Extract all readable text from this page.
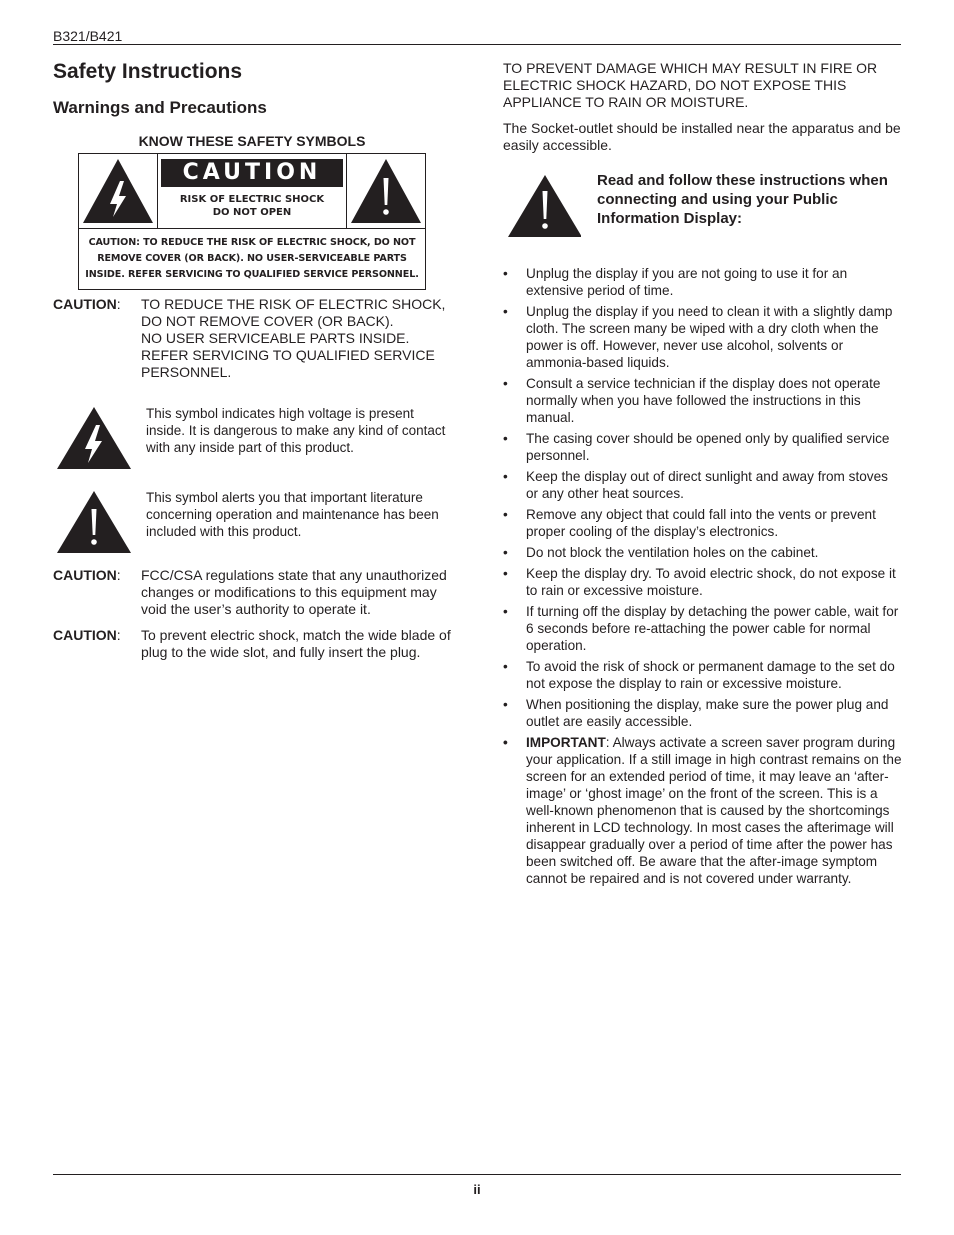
B321/B421
Safety Instructions
Warnings and Precautions
KNOW THESE SAFETY SYMBOLS
CAUTION
RISK OF ELECTRIC SHOCK
DO NOT OPEN
CAUTION: TO REDUCE THE RISK OF ELECTRIC SHOCK, DO NOT
REMOVE COVER (OR BACK). NO USER-SERVICEABLE PARTS
INSIDE. REFER SERVICING TO QUALIFIED SERVICE PERSONNEL.
CAUTION:	TO REDUCE THE RISK OF ELECTRIC SHOCK,
DO NOT REMOVE COVER (OR BACK).
NO USER SERVICEABLE PARTS INSIDE.
REFER SERVICING TO QUALIFIED SERVICE
PERSONNEL.
This symbol indicates high voltage is present inside. It is dangerous to make any kind of contact with any inside part of this product.
This symbol alerts you that important literature concerning operation and maintenance has been included with this product.
CAUTION:	FCC/CSA regulations state that any unauthorized changes or modifications to this equipment may void the user’s authority to operate it.
CAUTION:	To prevent electric shock, match the wide blade of plug to the wide slot, and fully insert the plug.

TO PREVENT DAMAGE WHICH MAY RESULT IN FIRE OR ELECTRIC SHOCK HAZARD, DO NOT EXPOSE THIS APPLIANCE TO RAIN OR MOISTURE.

The Socket-outlet should be installed near the apparatus and be easily accessible.

Read and follow these instructions when connecting and using your Public Information Display:
• Unplug the display if you are not going to use it for an extensive period of time.
• Unplug the display if you need to clean it with a slightly damp cloth. The screen many be wiped with a dry cloth when the power is off. However, never use alcohol, solvents or ammonia-based liquids.
• Consult a service technician if the display does not operate normally when you have followed the instructions in this manual.
• The casing cover should be opened only by qualified service personnel.
• Keep the display out of direct sunlight and away from stoves or any other heat sources.
• Remove any object that could fall into the vents or prevent proper cooling of the display’s electronics.
• Do not block the ventilation holes on the cabinet.
• Keep the display dry. To avoid electric shock, do not expose it to rain or excessive moisture.
• If turning off the display by detaching the power cable, wait for 6 seconds before re-attaching the power cable for normal operation.
• To avoid the risk of shock or permanent damage to the set do not expose the display to rain or excessive moisture.
• When positioning the display, make sure the power plug and outlet are easily accessible.
• IMPORTANT: Always activate a screen saver program during your application. If a still image in high contrast remains on the screen for an extended period of time, it may leave an ‘after-image’ or ‘ghost image’ on the front of the screen. This is a well-known phenomenon that is caused by the shortcomings inherent in LCD technology. In most cases the afterimage will disappear gradually over a period of time after the power has been switched off. Be aware that the after-image symptom cannot be repaired and is not covered under warranty.
ii
